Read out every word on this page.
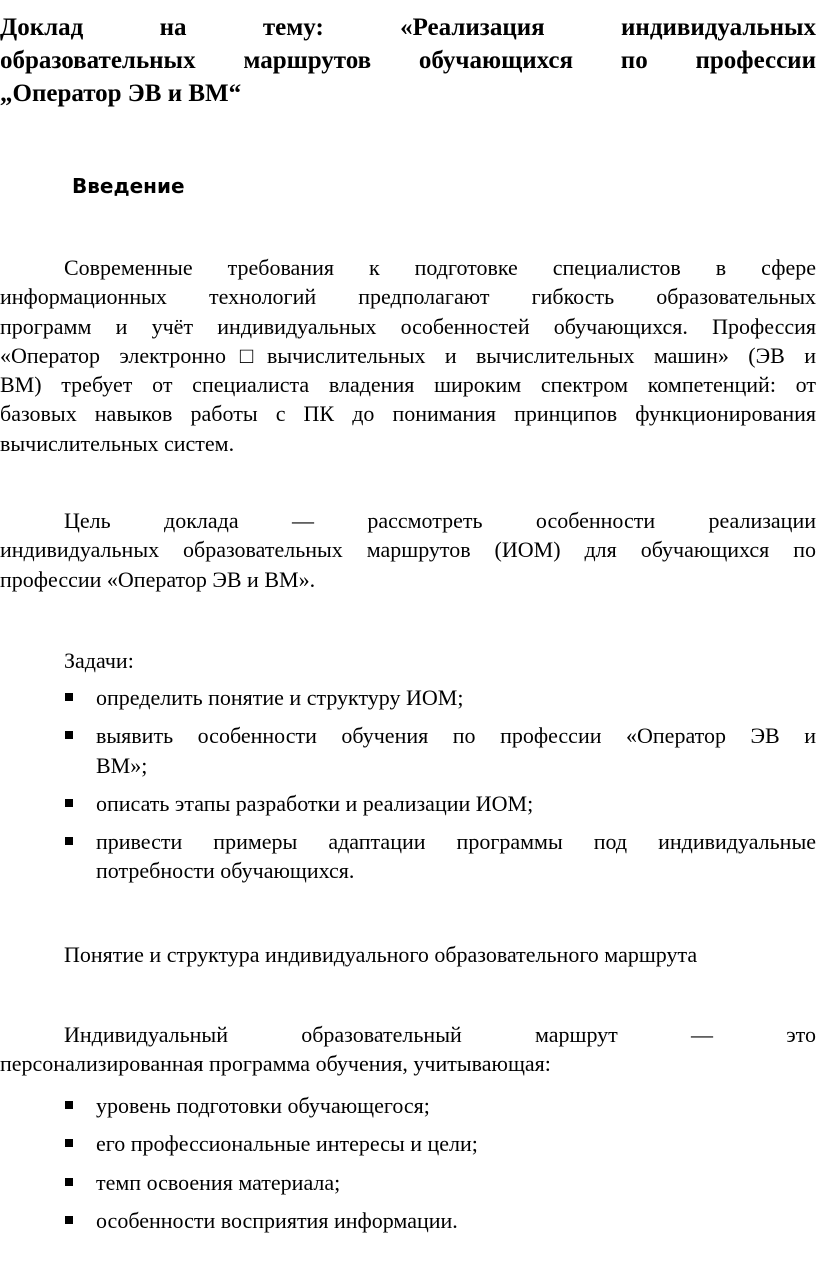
Доклад на тему: «Реализация индивидуальных
образовательных маршрутов обучающихся по профессии
„Оператор ЭВ и ВМ“
Введение

Современные требования к подготовке специалистов в сфере
информационных технологий предполагают гибкость образовательных
программ и учёт индивидуальных особенностей обучающихся. Профессия
«Оператор электронно□вычислительных и вычислительных машин» (ЭВ и
ВМ) требует от специалиста владения широким спектром компетенций: от
базовых навыков работы с ПК до понимания принципов функционирования
вычислительных систем.

Цель доклада — рассмотреть особенности реализации
индивидуальных образовательных маршрутов (ИОМ) для обучающихся по
профессии «Оператор ЭВ и ВМ».

Задачи:

определить понятие и структуру ИОМ;
выявить особенности обучения по профессии «Оператор ЭВ и
ВМ»;
описать этапы разработки и реализации ИОМ;
привести примеры адаптации программы под индивидуальные
потребности обучающихся.

Понятие и структура индивидуального образовательного маршрута

Индивидуальный образовательный маршрут — это
персонализированная программа обучения, учитывающая:

уровень подготовки обучающегося;
его профессиональные интересы и цели;
темп освоения материала;
особенности восприятия информации.
